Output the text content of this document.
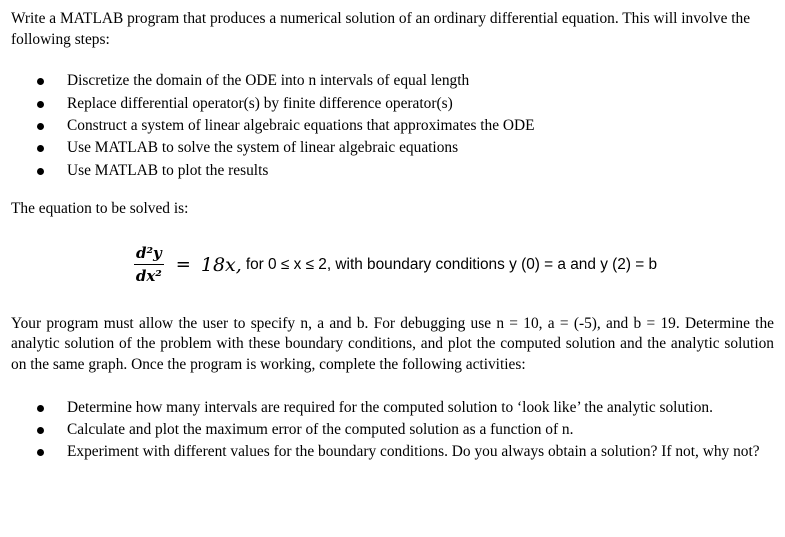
Write a MATLAB program that produces a numerical solution of an ordinary differential equation. This will involve the following steps:

Discretize the domain of the ODE into n intervals of equal length
Replace differential operator(s) by finite difference operator(s)
Construct a system of linear algebraic equations that approximates the ODE
Use MATLAB to solve the system of linear algebraic equations
Use MATLAB to plot the results

The equation to be solved is:

$\frac{\text{d²y}}{\text{dx²}} = 18x$, for 0 ≤ x ≤ 2, with boundary conditions y (0) = a and y (2) = b

Your program must allow the user to specify n, a and b. For debugging use n = 10, a = (-5), and b = 19. Determine the analytic solution of the problem with these boundary conditions, and plot the computed solution and the analytic solution on the same graph. Once the program is working, complete the following activities:

Determine how many intervals are required for the computed solution to ‘look like’ the analytic solution.
Calculate and plot the maximum error of the computed solution as a function of n.
Experiment with different values for the boundary conditions. Do you always obtain a solution? If not, why not?
